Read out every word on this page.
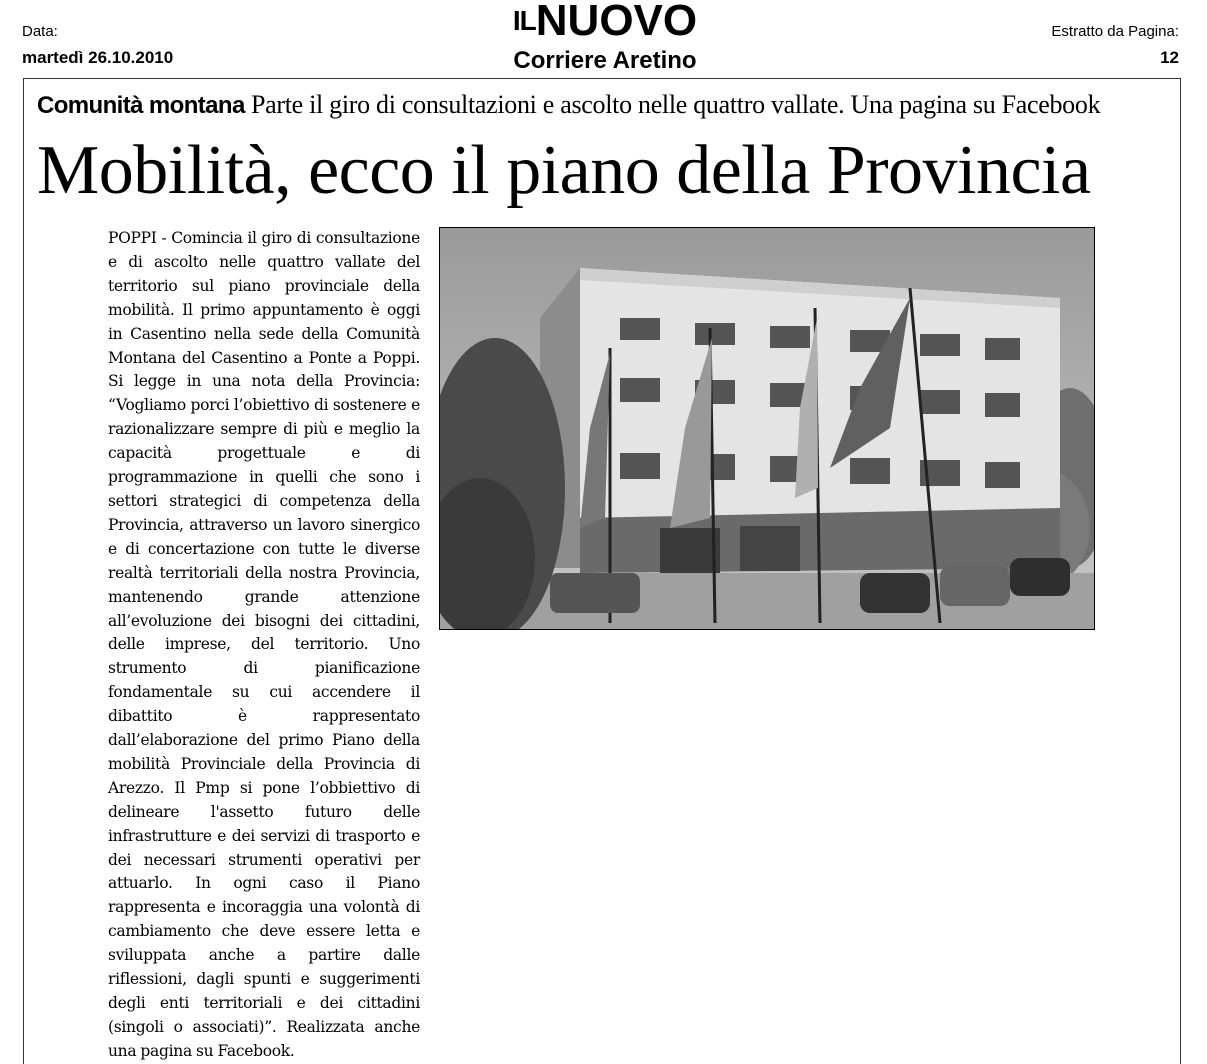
Data:
martedì 26.10.2010
ILNUOVO
Corriere Aretino
Estratto da Pagina:
12
Comunità montana Parte il giro di consultazioni e ascolto nelle quattro vallate. Una pagina su Facebook
Mobilità, ecco il piano della Provincia
POPPI - Comincia il giro di consultazione e di ascolto nelle quattro vallate del territorio sul piano provinciale della mobilità. Il primo appuntamento è oggi in Casentino nella sede della Comunità Montana del Casentino a Ponte a Poppi. Si legge in una nota della Provincia: “Vogliamo porci l’obiettivo di sostenere e razionalizzare sempre di più e meglio la capacità progettuale e di programmazione in quelli che sono i settori strategici di competenza della Provincia, attraverso un lavoro sinergico e di concertazione con tutte le diverse realtà territoriali della nostra Provincia, mantenendo grande attenzione all’evoluzione dei bisogni dei cittadini, delle imprese, del territorio. Uno strumento di pianificazione fondamentale su cui accendere il dibattito è rappresentato dall’elaborazione del primo Piano della mobilità Provinciale della Provincia di Arezzo. Il Pmp si pone l’obbiettivo di delineare l'assetto futuro delle infrastrutture e dei servizi di trasporto e dei necessari strumenti operativi per attuarlo. In ogni caso il Piano rappresenta e incoraggia una volontà di cambiamento che deve essere letta e sviluppata anche a partire dalle riflessioni, dagli spunti e suggerimenti degli enti territoriali e dei cittadini (singoli o associati)”. Realizzata anche una pagina su Facebook.
